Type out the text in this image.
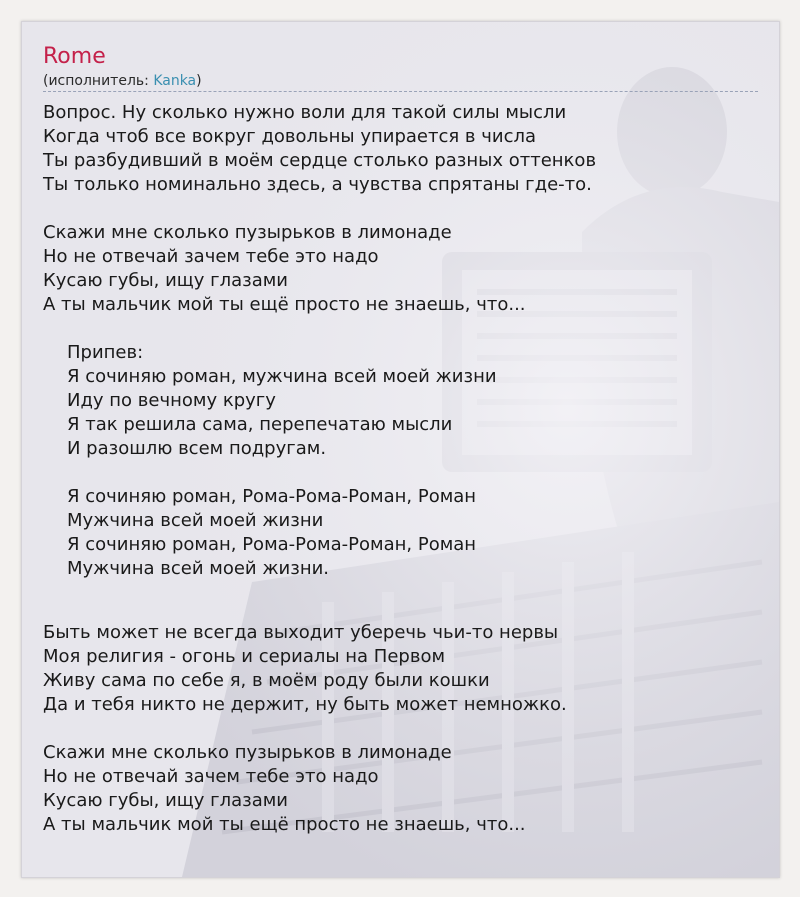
Rome
(исполнитель: Kanka)
Вопрос. Ну сколько нужно воли для такой силы мысли
Когда чтоб все вокруг довольны упирается в числа
Ты разбудивший в моём сердце столько разных оттенков
Ты только номинально здесь, а чувства спрятаны где-то.
Скажи мне сколько пузырьков в лимонаде
Но не отвечай зачем тебе это надо
Кусаю губы, ищу глазами
А ты мальчик мой ты ещё просто не знаешь, что...
Припев:
Я сочиняю роман, мужчина всей моей жизни
Иду по вечному кругу
Я так решила сама, перепечатаю мысли
И разошлю всем подругам.
Я сочиняю роман, Рома-Рома-Роман, Роман
Мужчина всей моей жизни
Я сочиняю роман, Рома-Рома-Роман, Роман
Мужчина всей моей жизни.
Быть может не всегда выходит уберечь чьи-то нервы
Моя религия - огонь и сериалы на Первом
Живу сама по себе я, в моём роду были кошки
Да и тебя никто не держит, ну быть может немножко.
Скажи мне сколько пузырьков в лимонаде
Но не отвечай зачем тебе это надо
Кусаю губы, ищу глазами
А ты мальчик мой ты ещё просто не знаешь, что...
